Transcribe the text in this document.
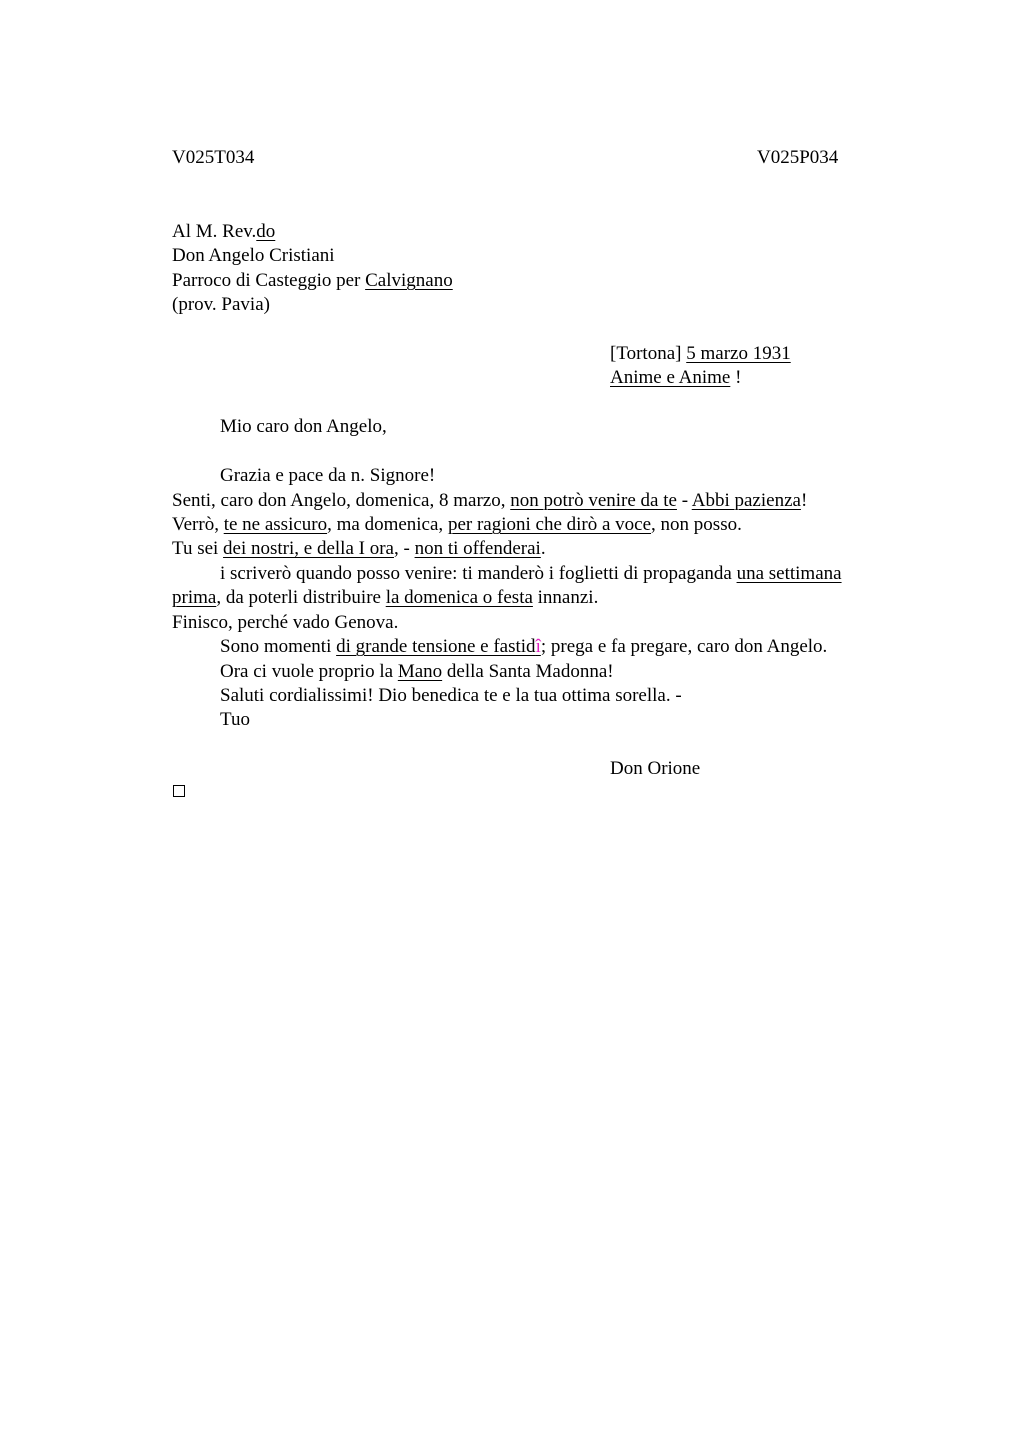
V025T034	V025P034
Al M. Rev.do
Don Angelo Cristiani
Parroco di Casteggio per Calvignano
(prov. Pavia)
[Tortona] 5 marzo 1931
Anime e Anime !
Mio caro don Angelo,
Grazia e pace da n. Signore!
Senti, caro don Angelo, domenica, 8 marzo, non potrò venire da te - Abbi pazienza!
Verrò, te ne assicuro, ma domenica, per ragioni che dirò a voce, non posso.
Tu sei dei nostri, e della I ora, - non ti offenderai.
i scriverò quando posso venire: ti manderò i foglietti di propaganda una settimana
prima, da poterli distribuire la domenica o festa innanzi.
Finisco, perché vado Genova.
Sono momenti di grande tensione e fastidî; prega e fa pregare, caro don Angelo.
Ora ci vuole proprio la Mano della Santa Madonna!
Saluti cordialissimi! Dio benedica te e la tua ottima sorella. -
Tuo
Don Orione
